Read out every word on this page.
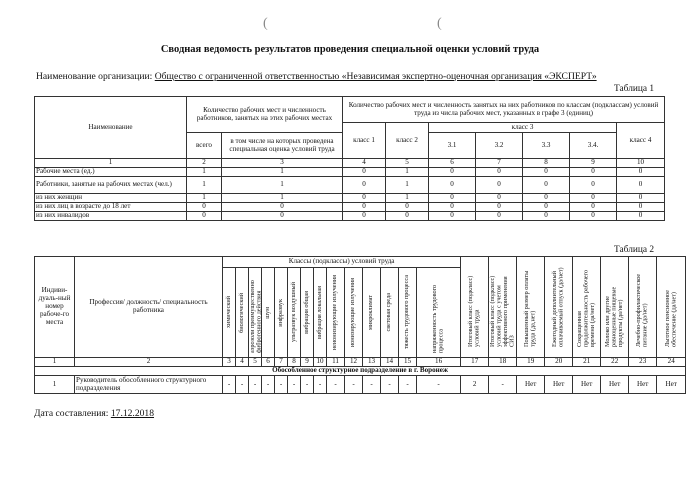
(	(
Сводная ведомость результатов проведения специальной оценки условий труда
Наименование организации: Общество с ограниченной ответственностью «Независимая экспертно-оценочная организация «ЭКСПЕРТ»
Таблица 1
Наименование	Количество рабочих мест и численность работников, занятых на этих рабочих местах		Количество рабочих мест и численность занятых на них работников по классам (подклассам) условий труда из числа рабочих мест, указанных в графе 3 (единиц)						
			класс 1	класс 2	класс 3				класс 4
	всего	в том числе на которых проведена специальная оценка условий труда			3.1	3.2	3.3	3.4.	
1	2	3	4	5	6	7	8	9	10
Рабочие места (ед.)	1	1	0	1	0	0	0	0	0
Работники, занятые на рабочих местах (чел.)	1	1	0	1	0	0	0	0	0
из них женщин	1	1	0	1	0	0	0	0	0
из них лиц в возрасте до 18 лет	0	0	0	0	0	0	0	0	0
из них инвалидов	0	0	0	0	0	0	0	0	0
Таблица 2
Индиви-дуаль-ный номер рабоче-го места	Профессия/ должность/ специальность работника	Классы (подклассы) условий труда														Итоговый класс (подкласс) условий труда	Итоговый класс (подкласс) условий труда с учетом эффективного применения СИЗ	Повышенный размер оплаты труда (да,нет)	Ежегодный дополнительный оплачиваемый отпуск (да/нет)	Сокращенная продолжительность рабочего времени (да/нет)	Молоко или другие равноценные пищевые продукты (да/нет)	Лечебно-профилактическое питание (да/нет)	Льготное пенсионное обеспечение (да/нет)

		химический	биологический	аэрозоли преимущественно фиброгенного действия	шум	инфразвук	ультразвук воздушный	вибрация общая	вибрация локальная	неионизирующие излучения	ионизирующие излучения	микроклимат	световая среда	тяжесть трудового процесса	напряженность трудового процесса								

1	2	3	4	5	6	7	8	9	10	11	12	13	14	15	16	17	18	19	20	21	22	23	24
Обособленное структурное подразделение в г. Воронеж																							
1	Руководитель обособленного структурного подразделения	-	-	-	-	-	-	-	-	-	-	-	-	-	-	2	-	Нет	Нет	Нет	Нет	Нет	Нет
Дата составления: 17.12.2018
